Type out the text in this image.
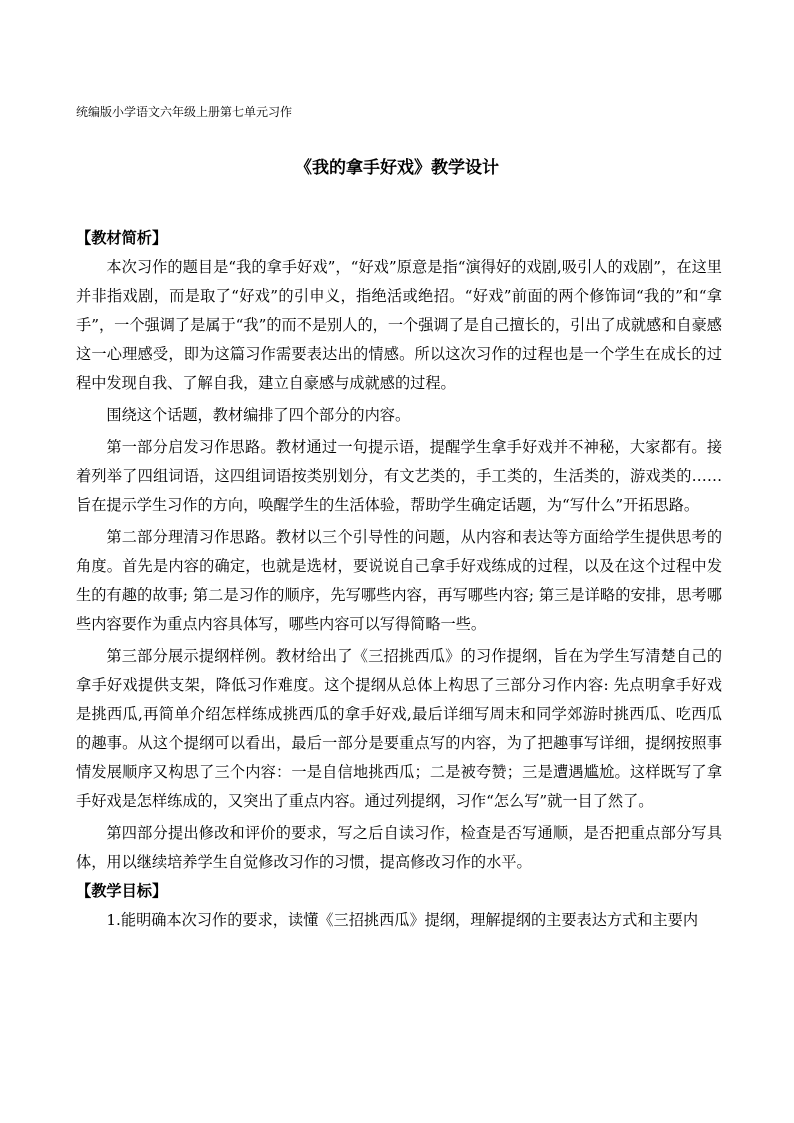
统编版小学语文六年级上册第七单元习作
《我的拿手好戏》教学设计

【教材简析】

本次习作的题目是“我的拿手好戏”，“好戏”原意是指“演得好的戏剧,吸引人的戏剧”，在这里并非指戏剧，而是取了“好戏”的引申义，指绝活或绝招。“好戏”前面的两个修饰词“我的”和“拿手”，一个强调了是属于“我”的而不是别人的，一个强调了是自己擅长的，引出了成就感和自豪感这一心理感受，即为这篇习作需要表达出的情感。所以这次习作的过程也是一个学生在成长的过程中发现自我、了解自我，建立自豪感与成就感的过程。

围绕这个话题，教材编排了四个部分的内容。

第一部分启发习作思路。教材通过一句提示语，提醒学生拿手好戏并不神秘，大家都有。接着列举了四组词语，这四组词语按类别划分，有文艺类的，手工类的，生活类的，游戏类的……旨在提示学生习作的方向，唤醒学生的生活体验，帮助学生确定话题，为“写什么”开拓思路。

第二部分理清习作思路。教材以三个引导性的问题，从内容和表达等方面给学生提供思考的角度。首先是内容的确定，也就是选材，要说说自己拿手好戏练成的过程，以及在这个过程中发生的有趣的故事; 第二是习作的顺序，先写哪些内容，再写哪些内容; 第三是详略的安排，思考哪些内容要作为重点内容具体写，哪些内容可以写得简略一些。

第三部分展示提纲样例。教材给出了《三招挑西瓜》的习作提纲，旨在为学生写清楚自己的拿手好戏提供支架，降低习作难度。这个提纲从总体上构思了三部分习作内容: 先点明拿手好戏是挑西瓜,再简单介绍怎样练成挑西瓜的拿手好戏,最后详细写周末和同学郊游时挑西瓜、吃西瓜的趣事。从这个提纲可以看出，最后一部分是要重点写的内容，为了把趣事写详细，提纲按照事情发展顺序又构思了三个内容：一是自信地挑西瓜；二是被夸赞；三是遭遇尴尬。这样既写了拿手好戏是怎样练成的，又突出了重点内容。通过列提纲，习作“怎么写”就一目了然了。

第四部分提出修改和评价的要求，写之后自读习作，检查是否写通顺，是否把重点部分写具体，用以继续培养学生自觉修改习作的习惯，提高修改习作的水平。

【教学目标】

1.能明确本次习作的要求，读懂《三招挑西瓜》提纲，理解提纲的主要表达方式和主要内
